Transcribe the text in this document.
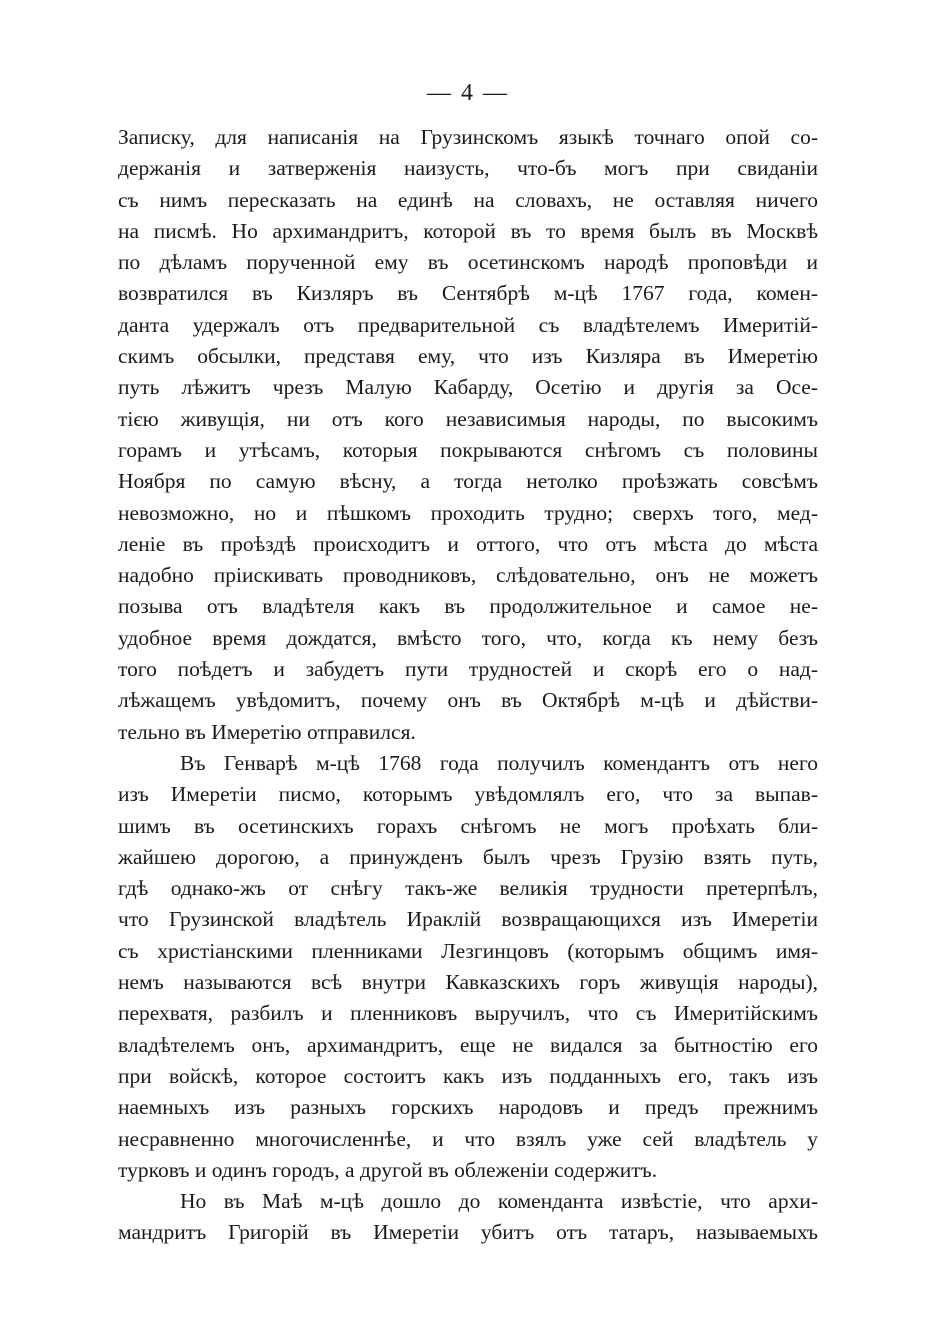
— 4 —
Записку, для написанія на Грузинскомъ языкѣ точнаго опой со-
держанія и затверженія наизусть, что-бъ могъ при свиданіи
съ нимъ пересказать на единѣ на словахъ, не оставляя ничего
на писмѣ. Но архимандритъ, которой въ то время былъ въ Москвѣ
по дѣламъ порученной ему въ осетинскомъ народѣ проповѣди и
возвратился въ Кизляръ въ Сентябрѣ м-цѣ 1767 года, комен-
данта удержалъ отъ предварительной съ владѣтелемъ Имеритій-
скимъ обсылки, представя ему, что изъ Кизляра въ Имеретію
путь лѣжитъ чрезъ Малую Кабарду, Осетію и другія за Осе-
тією живущія, ни отъ кого независимыя народы, по высокимъ
горамъ и утѣсамъ, которыя покрываются снѣгомъ съ половины
Ноября по самую вѣсну, а тогда нетолко проѣзжать совсѣмъ
невозможно, но и пѣшкомъ проходить трудно; сверхъ того, мед-
леніе въ проѣздѣ происходитъ и оттого, что отъ мѣста до мѣста
надобно пріискивать проводниковъ, слѣдовательно, онъ не можетъ
позыва отъ владѣтеля какъ въ продолжительное и самое не-
удобное время дождатся, вмѣсто того, что, когда къ нему безъ
того поѣдетъ и забудетъ пути трудностей и скорѣ его о над-
лѣжащемъ увѣдомитъ, почему онъ въ Октябрѣ м-цѣ и дѣйстви-
тельно въ Имеретію отправился.
Въ Генварѣ м-цѣ 1768 года получилъ комендантъ отъ него
изъ Имеретіи писмо, которымъ увѣдомлялъ его, что за выпав-
шимъ въ осетинскихъ горахъ снѣгомъ не могъ проѣхать бли-
жайшею дорогою, а принужденъ былъ чрезъ Грузію взять путь,
гдѣ однако-жъ от снѣгу такъ-же великія трудности претерпѣлъ,
что Грузинской владѣтель Ираклій возвращающихся изъ Имеретіи
съ христіанскими пленниками Лезгинцовъ (которымъ общимъ имя-
немъ называются всѣ внутри Кавказскихъ горъ живущія народы),
перехватя, разбилъ и пленниковъ выручилъ, что съ Имеритійскимъ
владѣтелемъ онъ, архимандритъ, еще не видался за бытностію его
при войскѣ, которое состоитъ какъ изъ подданныхъ его, такъ изъ
наемныхъ изъ разныхъ горскихъ народовъ и предъ прежнимъ
несравненно многочисленнѣе, и что взялъ уже сей владѣтель у
турковъ и одинъ городъ, а другой въ облеженіи содержитъ.
Но въ Маѣ м-цѣ дошло до коменданта извѣстіе, что архи-
мандритъ Григорій въ Имеретіи убитъ отъ татаръ, называемыхъ
